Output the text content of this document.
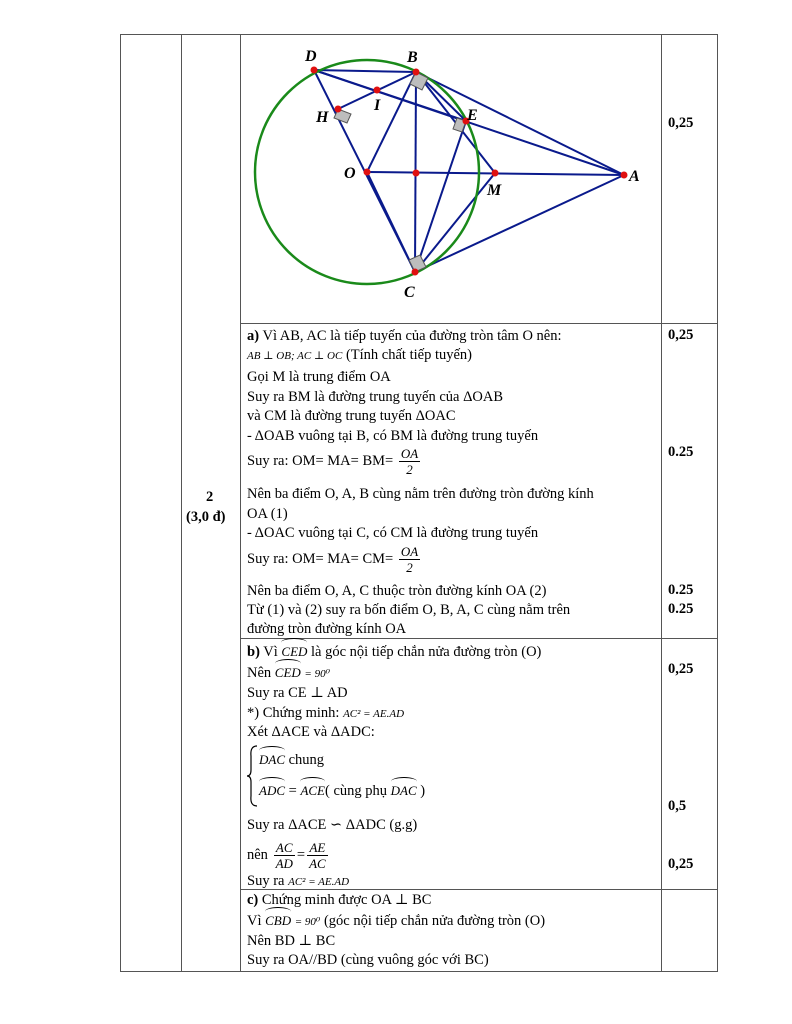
2
(3,0 đ)
D	B
H
I
E
O
M
A
C
0,25
0,25
0.25
0.25
0.25
0,25
0,5
0,25
a) Vì AB, AC là tiếp tuyến của đường tròn tâm O nên:
AB ⊥ OB; AC ⊥ OC (Tính chất tiếp tuyến)
Gọi M là trung điểm OA
Suy ra BM là đường trung tuyến của ΔOAB
và CM là đường trung tuyến ΔOAC
- ΔOAB vuông tại B, có BM là đường trung tuyến
Suy ra: $OM= MA= BM= \frac{OA}{2}$
Nên ba điểm O, A, B cùng nằm trên đường tròn đường kính
OA (1)
- ΔOAC vuông tại C, có CM là đường trung tuyến
Suy ra: $OM= MA= CM= \frac{OA}{2}$
Nên ba điểm O, A, C thuộc tròn đường kính OA (2)
Từ (1) và (2) suy ra bốn điểm O, B, A, C cùng nằm trên
đường tròn đường kính OA
b) Vì CED là góc nội tiếp chắn nửa đường tròn (O)
Nên CED = 90⁰
Suy ra CE ⊥ AD
*) Chứng minh: AC² = AE.AD
Xét ΔACE và ΔADC:
DAC chung
ADC = ACE( cùng phụ DAC )
Suy ra ΔACE ∽ ΔADC (g.g)
nên $\frac{AC}{AD} = \frac{AE}{AC}$
Suy ra AC² = AE.AD
c) Chứng minh được OA ⊥ BC
Vì CBD = 90⁰ (góc nội tiếp chắn nửa đường tròn (O)
Nên BD ⊥ BC
Suy ra OA//BD (cùng vuông góc với BC)
